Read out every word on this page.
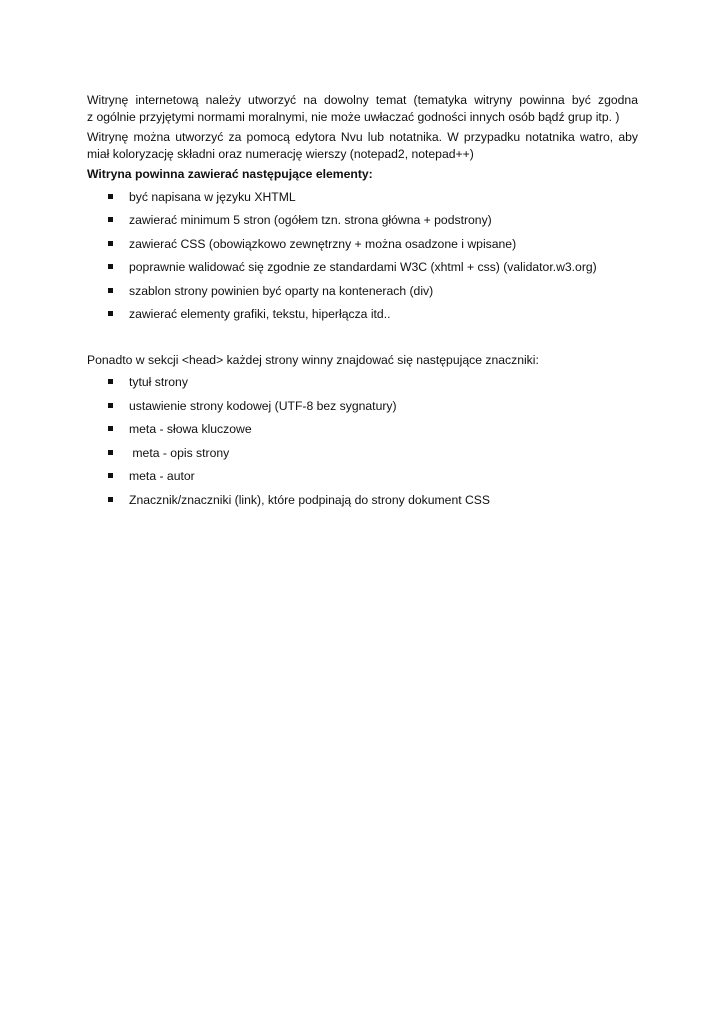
Witrynę internetową należy utworzyć na dowolny temat (tematyka witryny powinna być zgodna
z ogólnie przyjętymi normami moralnymi, nie może uwłaczać godności innych osób bądź grup itp. )

Witrynę można utworzyć za pomocą edytora Nvu lub notatnika. W przypadku notatnika watro, aby
miał koloryzację składni oraz numerację wierszy (notepad2, notepad++)

Witryna powinna zawierać następujące elementy:

być napisana w języku XHTML
zawierać minimum 5 stron (ogółem tzn. strona główna + podstrony)
zawierać CSS (obowiązkowo zewnętrzny + można osadzone i wpisane)
poprawnie walidować się zgodnie ze standardami W3C (xhtml + css) (validator.w3.org)
szablon strony powinien być oparty na kontenerach (div)
zawierać elementy grafiki, tekstu, hiperłącza itd..

Ponadto w sekcji <head> każdej strony winny znajdować się następujące znaczniki:

tytuł strony
ustawienie strony kodowej (UTF-8 bez sygnatury)
meta - słowa kluczowe
meta - opis strony
meta - autor
Znacznik/znaczniki (link), które podpinają do strony dokument CSS
